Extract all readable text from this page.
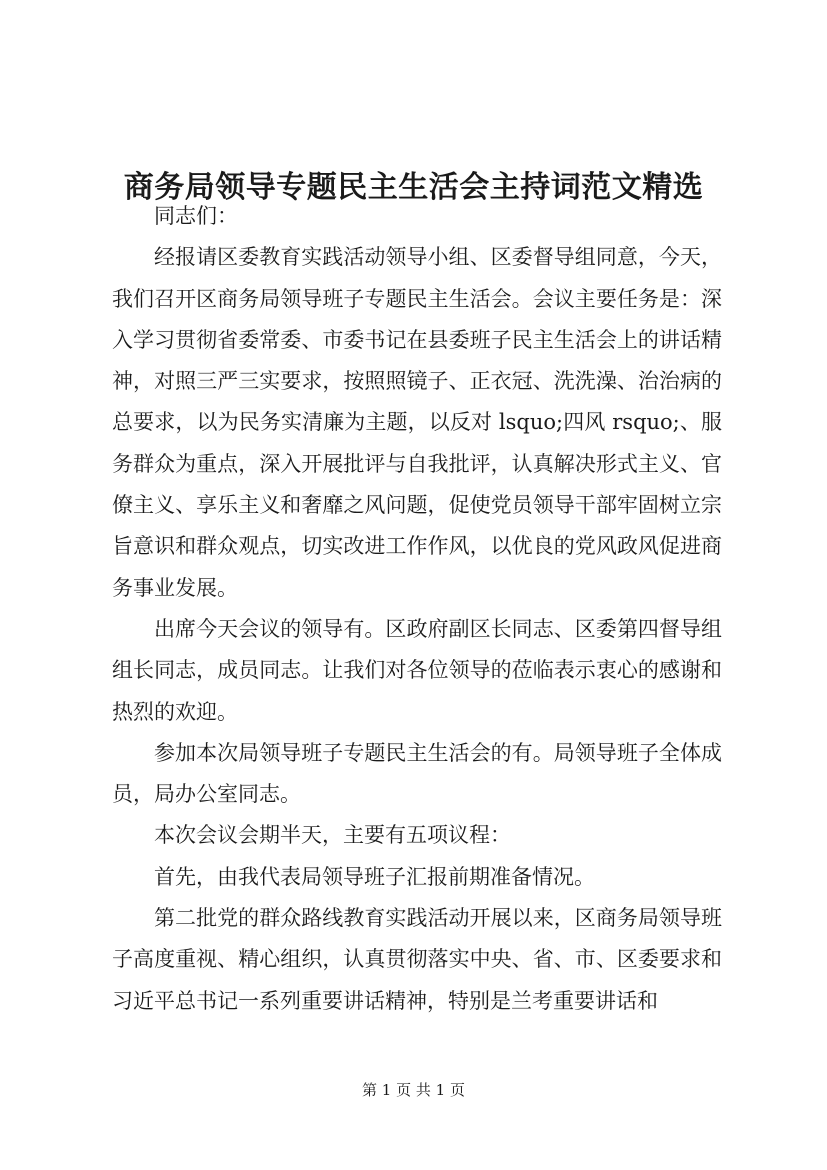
商务局领导专题民主生活会主持词范文精选

同志们：

经报请区委教育实践活动领导小组、区委督导组同意，今天，我们召开区商务局领导班子专题民主生活会。会议主要任务是：深入学习贯彻省委常委、市委书记在县委班子民主生活会上的讲话精神，对照三严三实要求，按照照镜子、正衣冠、洗洗澡、治治病的总要求，以为民务实清廉为主题，以反对 lsquo;四风 rsquo;、服务群众为重点，深入开展批评与自我批评，认真解决形式主义、官僚主义、享乐主义和奢靡之风问题，促使党员领导干部牢固树立宗旨意识和群众观点，切实改进工作作风，以优良的党风政风促进商务事业发展。

出席今天会议的领导有。区政府副区长同志、区委第四督导组组长同志，成员同志。让我们对各位领导的莅临表示衷心的感谢和热烈的欢迎。

参加本次局领导班子专题民主生活会的有。局领导班子全体成员，局办公室同志。

本次会议会期半天，主要有五项议程：

首先，由我代表局领导班子汇报前期准备情况。

第二批党的群众路线教育实践活动开展以来，区商务局领导班子高度重视、精心组织，认真贯彻落实中央、省、市、区委要求和习近平总书记一系列重要讲话精神，特别是兰考重要讲话和

第 1 页 共 1 页
